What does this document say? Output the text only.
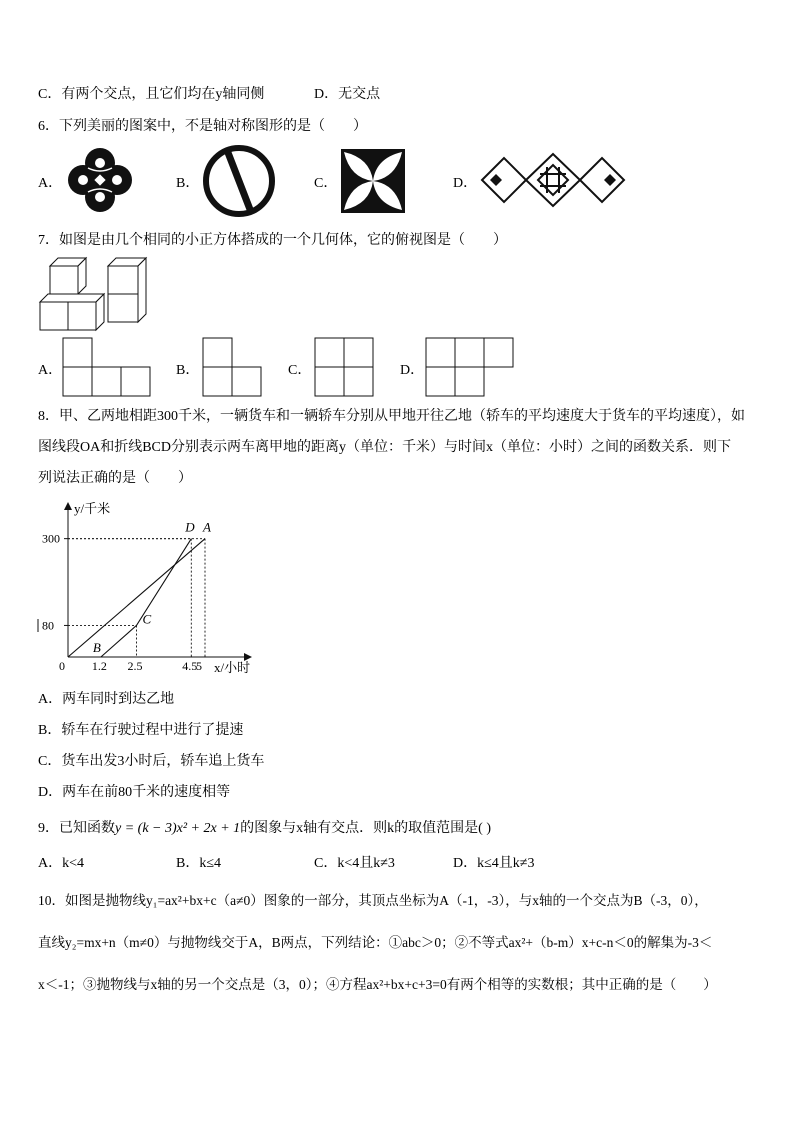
C．有两个交点，且它们均在y轴同侧	D．无交点
6．下列美丽的图案中，不是轴对称图形的是（　　）
A．	B．	C．	D．
7．如图是由几个相同的小正方体搭成的一个几何体，它的俯视图是（　　）
A．	B．	C．	D．
8．甲、乙两地相距300千米，一辆货车和一辆轿车分别从甲地开往乙地（轿车的平均速度大于货车的平均速度），如
图线段OA和折线BCD分别表示两车离甲地的距离y（单位：千米）与时间x（单位：小时）之间的函数关系．则下
列说法正确的是（　　）
y/千米
x/小时
0 1.2 2.5	4.5
5
80
300
D A
C
B
A．两车同时到达乙地
B．轿车在行驶过程中进行了提速
C．货车出发3小时后，轿车追上货车
D．两车在前80千米的速度相等
9．已知函数y = (k − 3)x² + 2x + 1的图象与x轴有交点．则k的取值范围是( )
A．k<4	B．k≤4	C．k<4且k≠3	D．k≤4且k≠3
10．如图是抛物线y₁=ax²+bx+c（a≠0）图象的一部分，其顶点坐标为A（-1，-3），与x轴的一个交点为B（-3，0），
直线y₂=mx+n（m≠0）与抛物线交于A，B两点，下列结论：①abc＞0；②不等式ax²+（b-m）x+c-n＜0的解集为-3＜
x＜-1；③抛物线与x轴的另一个交点是（3，0）；④方程ax²+bx+c+3=0有两个相等的实数根；其中正确的是（　　）
